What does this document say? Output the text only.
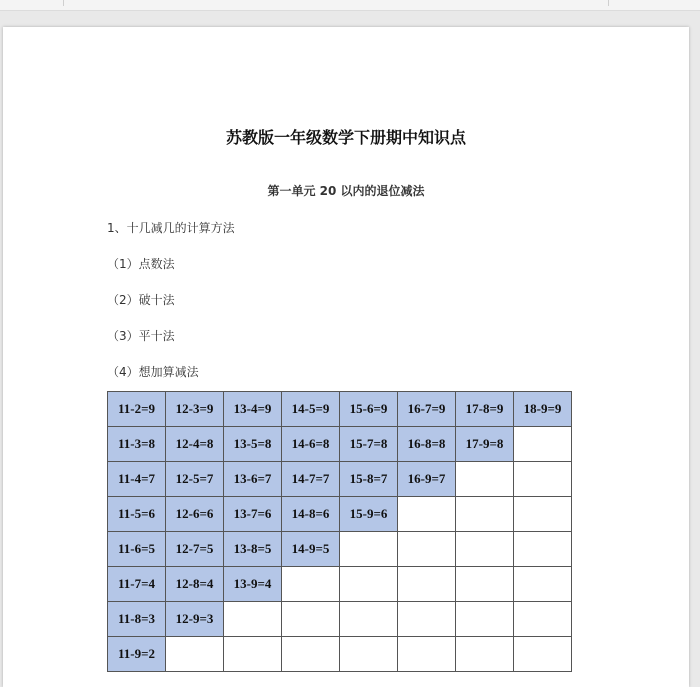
苏教版一年级数学下册期中知识点
第一单元 20 以内的退位减法
1、十几减几的计算方法
（1）点数法
（2）破十法
（3）平十法
（4）想加算减法
11-2=9	12-3=9	13-4=9	14-5=9	15-6=9	16-7=9	17-8=9	18-9=9
11-3=8	12-4=8	13-5=8	14-6=8	15-7=8	16-8=8	17-9=8	
11-4=7	12-5=7	13-6=7	14-7=7	15-8=7	16-9=7		
11-5=6	12-6=6	13-7=6	14-8=6	15-9=6			
11-6=5	12-7=5	13-8=5	14-9=5				
11-7=4	12-8=4	13-9=4					
11-8=3	12-9=3						
11-9=2							
